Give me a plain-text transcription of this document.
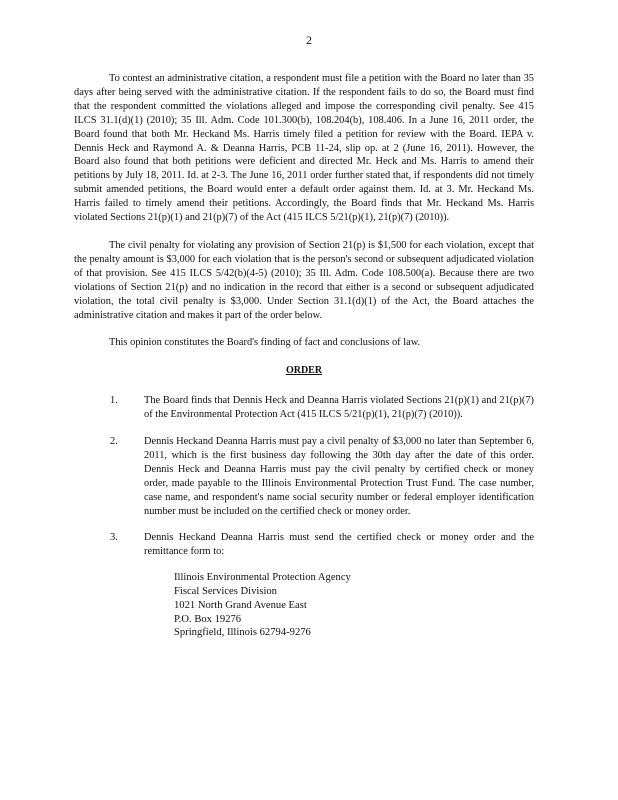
2

To contest an administrative citation, a respondent must file a petition with the Board no later than 35 days after being served with the administrative citation. If the respondent fails to do so, the Board must find that the respondent committed the violations alleged and impose the corresponding civil penalty. See 415 ILCS 31.1(d)(1) (2010); 35 Ill. Adm. Code 101.300(b), 108.204(b), 108.406. In a June 16, 2011 order, the Board found that both Mr. Heckand Ms. Harris timely filed a petition for review with the Board. IEPA v. Dennis Heck and Raymond A. & Deanna Harris, PCB 11-24, slip op. at 2 (June 16, 2011). However, the Board also found that both petitions were deficient and directed Mr. Heck and Ms. Harris to amend their petitions by July 18, 2011. Id. at 2-3. The June 16, 2011 order further stated that, if respondents did not timely submit amended petitions, the Board would enter a default order against them. Id. at 3. Mr. Heckand Ms. Harris failed to timely amend their petitions. Accordingly, the Board finds that Mr. Heckand Ms. Harris violated Sections 21(p)(1) and 21(p)(7) of the Act (415 ILCS 5/21(p)(1), 21(p)(7) (2010)).

The civil penalty for violating any provision of Section 21(p) is $1,500 for each violation, except that the penalty amount is $3,000 for each violation that is the person's second or subsequent adjudicated violation of that provision. See 415 ILCS 5/42(b)(4-5) (2010); 35 Ill. Adm. Code 108.500(a). Because there are two violations of Section 21(p) and no indication in the record that either is a second or subsequent adjudicated violation, the total civil penalty is $3,000. Under Section 31.1(d)(1) of the Act, the Board attaches the administrative citation and makes it part of the order below.

This opinion constitutes the Board's finding of fact and conclusions of law.

ORDER
1.	The Board finds that Dennis Heck and Deanna Harris violated Sections 21(p)(1) and 21(p)(7) of the Environmental Protection Act (415 ILCS 5/21(p)(1), 21(p)(7) (2010)).
2.	Dennis Heckand Deanna Harris must pay a civil penalty of $3,000 no later than September 6, 2011, which is the first business day following the 30th day after the date of this order. Dennis Heck and Deanna Harris must pay the civil penalty by certified check or money order, made payable to the Illinois Environmental Protection Trust Fund. The case number, case name, and respondent's name social security number or federal employer identification number must be included on the certified check or money order.
3.	Dennis Heckand Deanna Harris must send the certified check or money order and the remittance form to:
Illinois Environmental Protection Agency
Fiscal Services Division
1021 North Grand Avenue East
P.O. Box 19276
Springfield, Illinois 62794-9276
